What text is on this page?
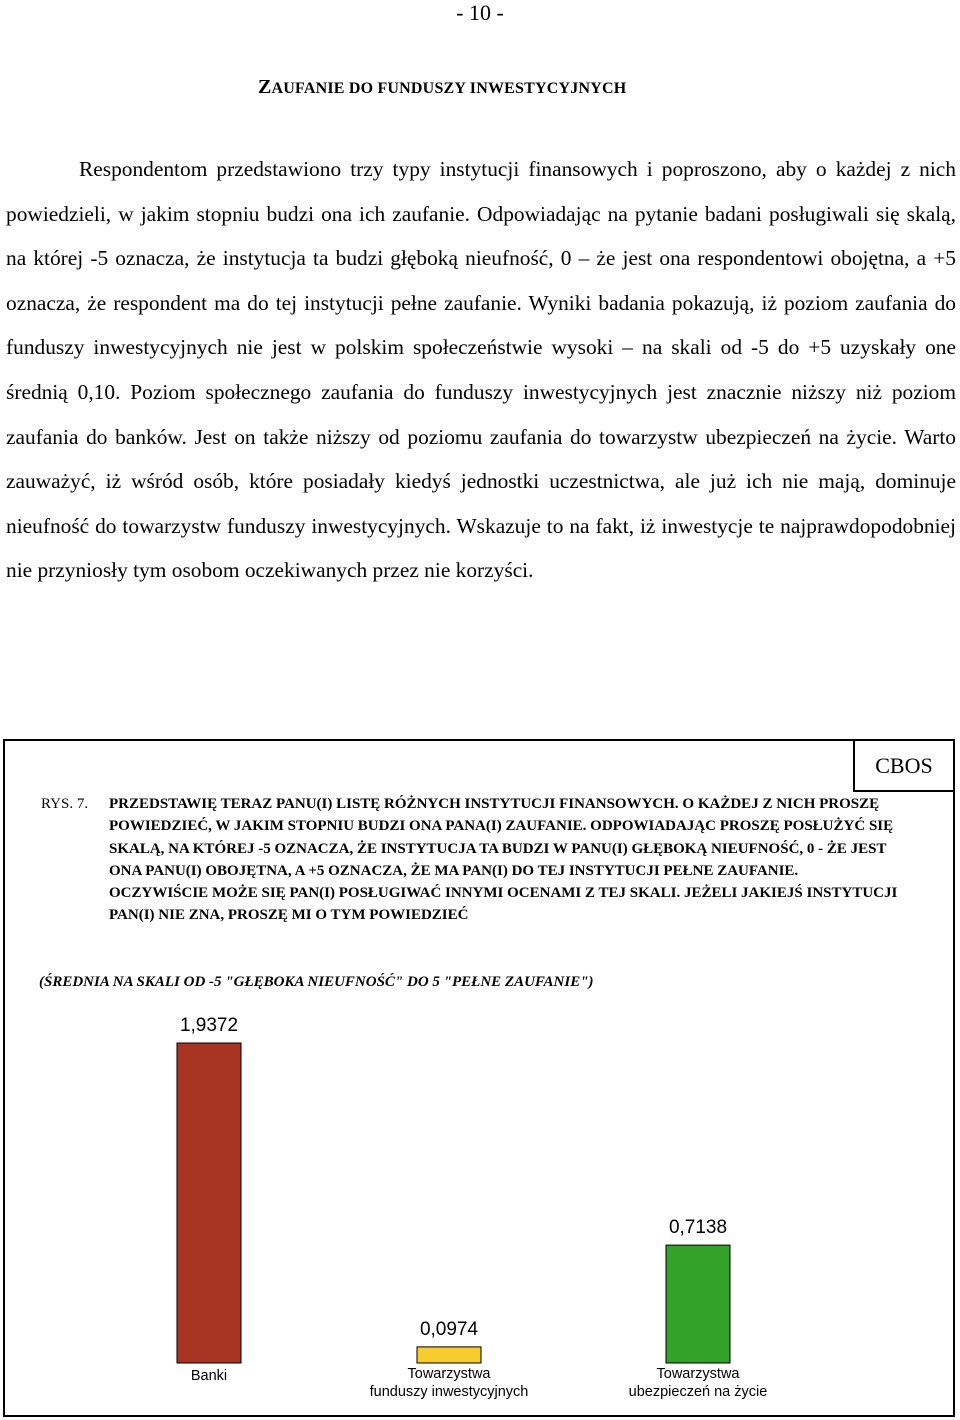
- 10 -
ZAUFANIE DO FUNDUSZY INWESTYCYJNYCH

Respondentom przedstawiono trzy typy instytucji finansowych i poproszono, aby o każdej z nich powiedzieli, w jakim stopniu budzi ona ich zaufanie. Odpowiadając na pytanie badani posługiwali się skalą, na której -5 oznacza, że instytucja ta budzi głęboką nieufność, 0 – że jest ona respondentowi obojętna, a +5 oznacza, że respondent ma do tej instytucji pełne zaufanie. Wyniki badania pokazują, iż poziom zaufania do funduszy inwestycyjnych nie jest w polskim społeczeństwie wysoki – na skali od -5 do +5 uzyskały one średnią 0,10. Poziom społecznego zaufania do funduszy inwestycyjnych jest znacznie niższy niż poziom zaufania do banków. Jest on także niższy od poziomu zaufania do towarzystw ubezpieczeń na życie. Warto zauważyć, iż wśród osób, które posiadały kiedyś jednostki uczestnictwa, ale już ich nie mają, dominuje nieufność do towarzystw funduszy inwestycyjnych. Wskazuje to na fakt, iż inwestycje te najprawdopodobniej nie przyniosły tym osobom oczekiwanych przez nie korzyści.

CBOS
RYS. 7. PRZEDSTAWIĘ TERAZ PANU(I) LISTĘ RÓŻNYCH INSTYTUCJI FINANSOWYCH. O KAŻDEJ Z NICH PROSZĘ POWIEDZIEĆ, W JAKIM STOPNIU BUDZI ONA PANA(I) ZAUFANIE. ODPOWIADAJĄC PROSZĘ POSŁUŻYĆ SIĘ SKALĄ, NA KTÓREJ -5 OZNACZA, ŻE INSTYTUCJA TA BUDZI W PANU(I) GŁĘBOKĄ NIEUFNOŚĆ, 0 - ŻE JEST ONA PANU(I) OBOJĘTNA, A +5 OZNACZA, ŻE MA PAN(I) DO TEJ INSTYTUCJI PEŁNE ZAUFANIE. OCZYWIŚCIE MOŻE SIĘ PAN(I) POSŁUGIWAĆ INNYMI OCENAMI Z TEJ SKALI. JEŻELI JAKIEJŚ INSTYTUCJI PAN(I) NIE ZNA, PROSZĘ MI O TYM POWIEDZIEĆ
(ŚREDNIA NA SKALI OD -5 "GŁĘBOKA NIEUFNOŚĆ" DO 5 "PEŁNE ZAUFANIE")
1,9372
Banki
0,0974
Towarzystwa
funduszy inwestycyjnych
0,7138
Towarzystwa
ubezpieczeń na życie
